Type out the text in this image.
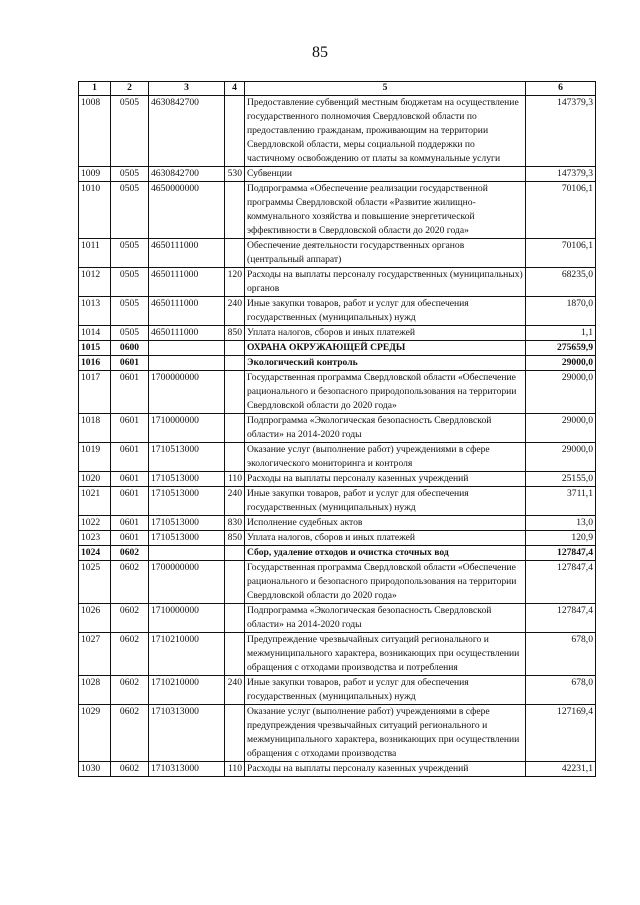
85
1	2	3	4	5	6
1008	0505	4630842700		Предоставление субвенций местным бюджетам на осуществление государственного полномочия Свердловской области по предоставлению гражданам, проживающим на территории Свердловской области, меры социальной поддержки по частичному освобождению от платы за коммунальные услуги	147379,3
1009	0505	4630842700	530	Субвенции	147379,3
1010	0505	4650000000		Подпрограмма «Обеспечение реализации государственной программы Свердловской области «Развитие жилищно-коммунального хозяйства и повышение энергетической эффективности в Свердловской области до 2020 года»	70106,1
1011	0505	4650111000		Обеспечение деятельности государственных органов (центральный аппарат)	70106,1
1012	0505	4650111000	120	Расходы на выплаты персоналу государственных (муниципальных) органов	68235,0
1013	0505	4650111000	240	Иные закупки товаров, работ и услуг для обеспечения государственных (муниципальных) нужд	1870,0
1014	0505	4650111000	850	Уплата налогов, сборов и иных платежей	1,1
1015	0600			ОХРАНА ОКРУЖАЮЩЕЙ СРЕДЫ	275659,9
1016	0601			Экологический контроль	29000,0
1017	0601	1700000000		Государственная программа Свердловской области «Обеспечение рационального и безопасного природопользования на территории Свердловской области до 2020 года»	29000,0
1018	0601	1710000000		Подпрограмма «Экологическая безопасность Свердловской области» на 2014-2020 годы	29000,0
1019	0601	1710513000		Оказание услуг (выполнение работ) учреждениями в сфере экологического мониторинга и контроля	29000,0
1020	0601	1710513000	110	Расходы на выплаты персоналу казенных учреждений	25155,0
1021	0601	1710513000	240	Иные закупки товаров, работ и услуг для обеспечения государственных (муниципальных) нужд	3711,1
1022	0601	1710513000	830	Исполнение судебных актов	13,0
1023	0601	1710513000	850	Уплата налогов, сборов и иных платежей	120,9
1024	0602			Сбор, удаление отходов и очистка сточных вод	127847,4
1025	0602	1700000000		Государственная программа Свердловской области «Обеспечение рационального и безопасного природопользования на территории Свердловской области до 2020 года»	127847,4
1026	0602	1710000000		Подпрограмма «Экологическая безопасность Свердловской области» на 2014-2020 годы	127847,4
1027	0602	1710210000		Предупреждение чрезвычайных ситуаций регионального и межмуниципального характера, возникающих при осуществлении обращения с отходами производства и потребления	678,0
1028	0602	1710210000	240	Иные закупки товаров, работ и услуг для обеспечения государственных (муниципальных) нужд	678,0
1029	0602	1710313000		Оказание услуг (выполнение работ) учреждениями в сфере предупреждения чрезвычайных ситуаций регионального и межмуниципального характера, возникающих при осуществлении обращения с отходами производства	127169,4
1030	0602	1710313000	110	Расходы на выплаты персоналу казенных учреждений	42231,1
